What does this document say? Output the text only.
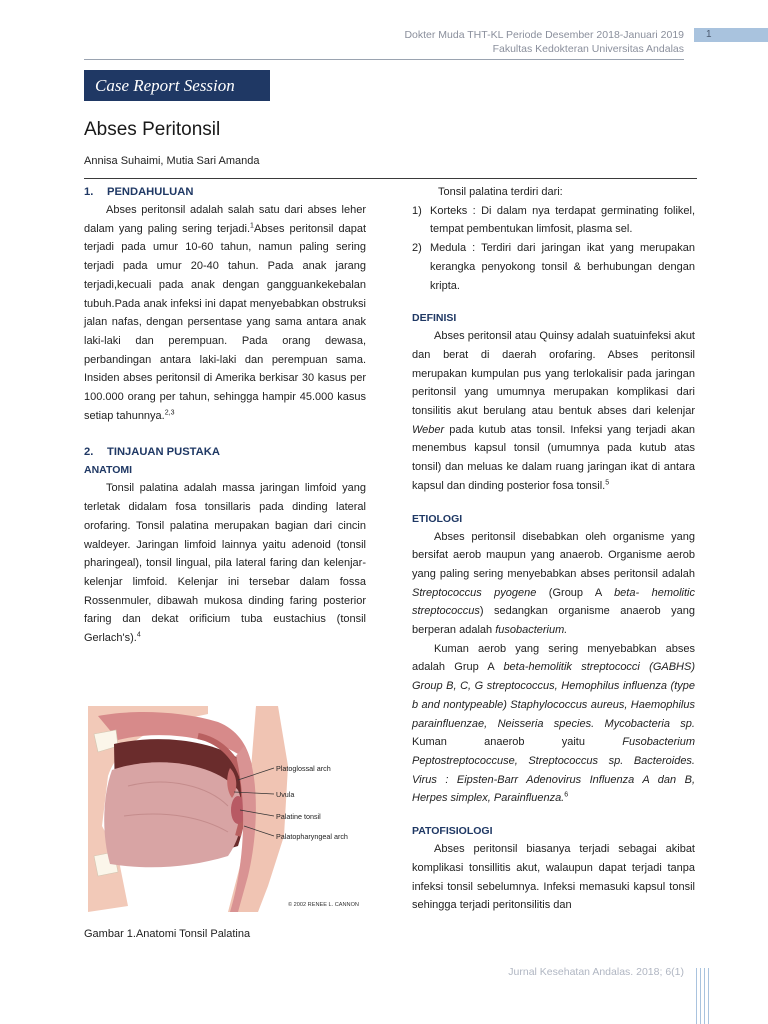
Dokter Muda THT-KL Periode Desember 2018-Januari 2019
Fakultas Kedokteran Universitas Andalas
1
Case Report Session
Abses Peritonsil
Annisa Suhaimi, Mutia Sari Amanda
1. PENDAHULUAN

Abses peritonsil adalah salah satu dari abses leher dalam yang paling sering terjadi.$^1$Abses peritonsil dapat terjadi pada umur 10-60 tahun, namun paling sering terjadi pada umur 20-40 tahun. Pada anak jarang terjadi,kecuali pada anak dengan gangguankekebalan tubuh.Pada anak infeksi ini dapat menyebabkan obstruksi jalan nafas, dengan persentase yang sama antara anak laki-laki dan perempuan. Pada orang dewasa, perbandingan antara laki-laki dan perempuan sama. Insiden abses peritonsil di Amerika berkisar 30 kasus per 100.000 orang per tahun, sehingga hampir 45.000 kasus setiap tahunnya.$^{2,3}$

2. TINJAUAN PUSTAKA
ANATOMI

Tonsil palatina adalah massa jaringan limfoid yang terletak didalam fosa tonsillaris pada dinding lateral orofaring. Tonsil palatina merupakan bagian dari cincin waldeyer. Jaringan limfoid lainnya yaitu adenoid (tonsil pharingeal), tonsil lingual, pila lateral faring dan kelenjar-kelenjar limfoid. Kelenjar ini tersebar dalam fossa Rossenmuler, dibawah mukosa dinding faring posterior faring dan dekat orificium tuba eustachius (tonsil Gerlach's).$^4$

Platoglossal arch
Uvula
Palatine tonsil
Palatopharyngeal arch
© 2002 RENEE L. CANNON
Gambar 1.Anatomi Tonsil Palatina

Tonsil palatina terdiri dari:

1) Korteks : Di dalam nya terdapat germinating folikel, tempat pembentukan limfosit, plasma sel.
2) Medula : Terdiri dari jaringan ikat yang merupakan kerangka penyokong tonsil & berhubungan dengan kripta.
DEFINISI

Abses peritonsil atau Quinsy adalah suatuinfeksi akut dan berat di daerah orofaring. Abses peritonsil merupakan kumpulan pus yang terlokalisir pada jaringan peritonsil yang umumnya merupakan komplikasi dari tonsilitis akut berulang atau bentuk abses dari kelenjar Weber pada kutub atas tonsil. Infeksi yang terjadi akan menembus kapsul tonsil (umumnya pada kutub atas tonsil) dan meluas ke dalam ruang jaringan ikat di antara kapsul dan dinding posterior fosa tonsil.$^5$

ETIOLOGI

Abses peritonsil disebabkan oleh organisme yang bersifat aerob maupun yang anaerob. Organisme aerob yang paling sering menyebabkan abses peritonsil adalah Streptococcus pyogene (Group A beta- hemolitic streptococcus) sedangkan organisme anaerob yang berperan adalah fusobacterium.

Kuman aerob yang sering menyebabkan abses adalah Grup A beta-hemolitik streptococci (GABHS) Group B, C, G streptococcus, Hemophilus influenza (type b and nontypeable) Staphylococcus aureus, Haemophilus parainfluenzae, Neisseria species. Mycobacteria sp. Kuman anaerob yaitu Fusobacterium Peptostreptococcuse, Streptococcus sp. Bacteroides. Virus : Eipsten-Barr Adenovirus Influenza A dan B, Herpes simplex, Parainfluenza.$^6$

PATOFISIOLOGI

Abses peritonsil biasanya terjadi sebagai akibat komplikasi tonsillitis akut, walaupun dapat terjadi tanpa infeksi tonsil sebelumnya. Infeksi memasuki kapsul tonsil sehingga terjadi peritonsilitis dan

Jurnal Kesehatan Andalas. 2018; 6(1)
